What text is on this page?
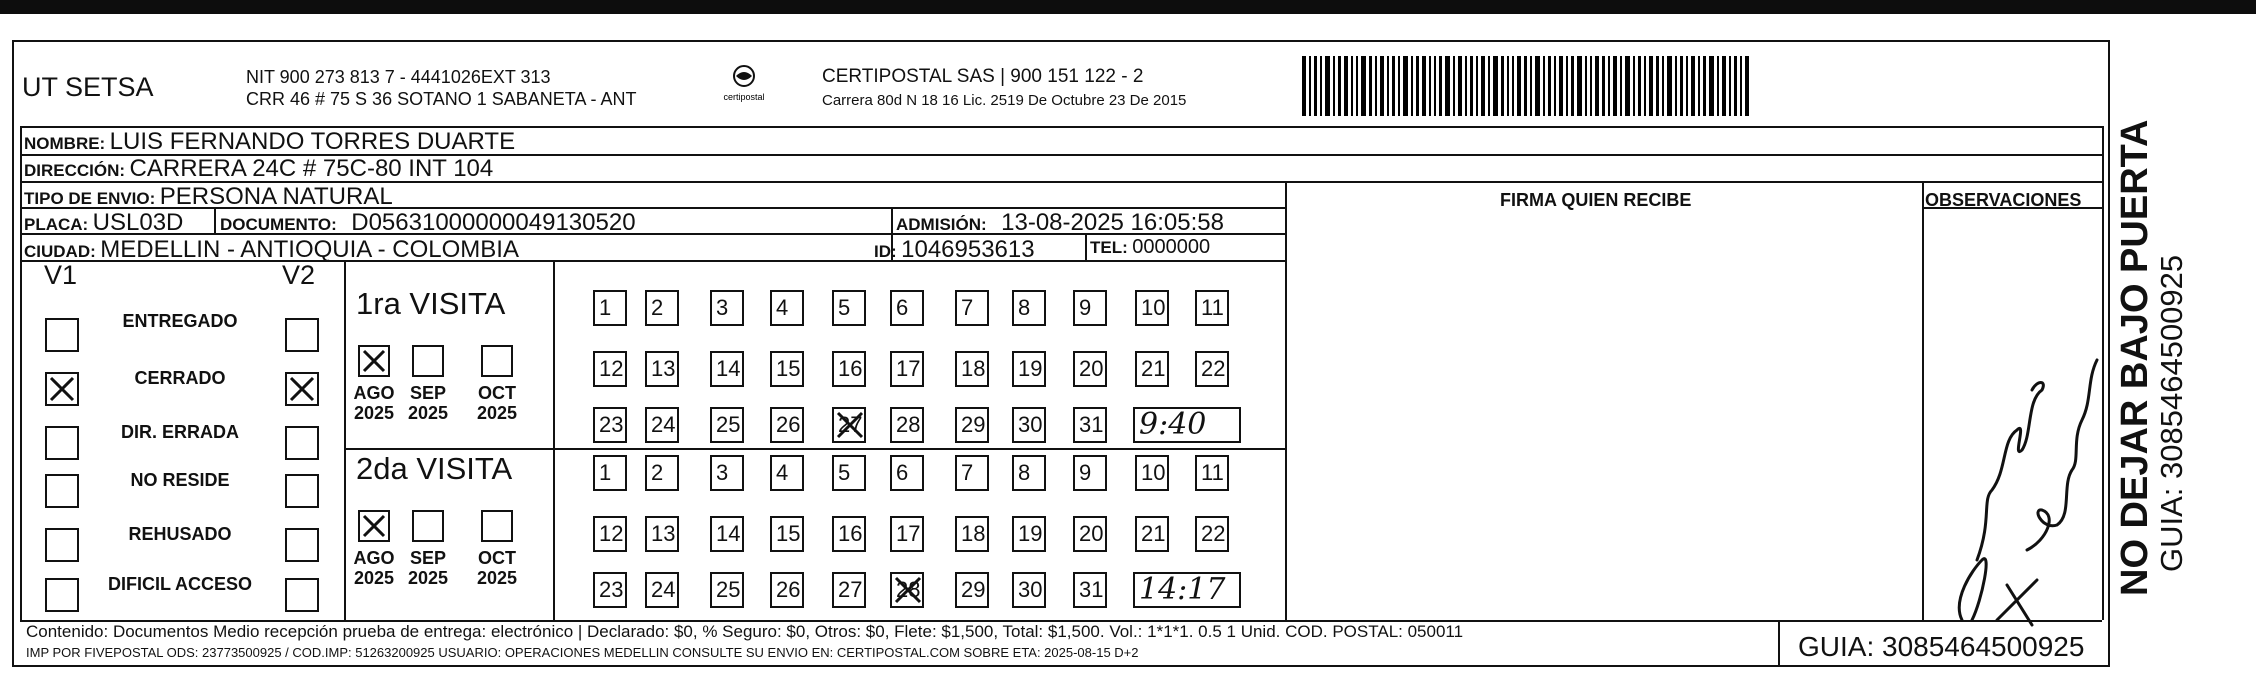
UT SETSA	NIT 900 273 813 7 - 4441026EXT 313
CRR 46 # 75 S 36 SOTANO 1 SABANETA - ANT	certipostal
CERTIPOSTAL SAS | 900 151 122 - 2
Carrera 80d N 18 16 Lic. 2519 De Octubre 23 De 2015
NOMBRE: LUIS FERNANDO TORRES DUARTE
DIRECCIÓN: CARRERA 24C # 75C-80 INT 104
TIPO DE ENVIO: PERSONA NATURAL	FIRMA QUIEN RECIBE	OBSERVACIONES
PLACA: USL03D DOCUMENTO: D05631000000049130520	ADMISIÓN: 13-08-2025 16:05:58
CIUDAD: MEDELLIN - ANTIOQUIA - COLOMBIA	ID: 1046953613	TEL: 0000000
V1	V2
ENTREGADO
CERRADO
DIR. ERRADA
NO RESIDE
REHUSADO
DIFICIL ACCESO
1ra VISITA
AGO
2025
SEP
2025
OCT
2025
1	2	3	4	5	6	7	8	9	10 11
12 13 14 15 16 17 18 19 20 21 22
23 24 25 26 27 28 29 30 31 9:40
2da VISITA
AGO
2025
SEP
2025
OCT
2025
1	2	3	4	5	6	7	8	9	10 11
12 13 14 15 16 17 18 19 20 21 22
23 24 25 26 27 28 29 30 31 14:17
Contenido: Documentos Medio recepción prueba de entrega: electrónico | Declarado: $0, % Seguro: $0, Otros: $0, Flete: $1,500, Total: $1,500. Vol.: 1*1*1. 0.5 1 Unid. COD. POSTAL: 050011
IMP POR FIVEPOSTAL ODS: 23773500925 / COD.IMP: 51263200925 USUARIO: OPERACIONES MEDELLIN CONSULTE SU ENVIO EN: CERTIPOSTAL.COM SOBRE ETA: 2025-08-15 D+2	GUIA: 3085464500925
NO DEJAR BAJO PUERTA
GUIA: 3085464500925
